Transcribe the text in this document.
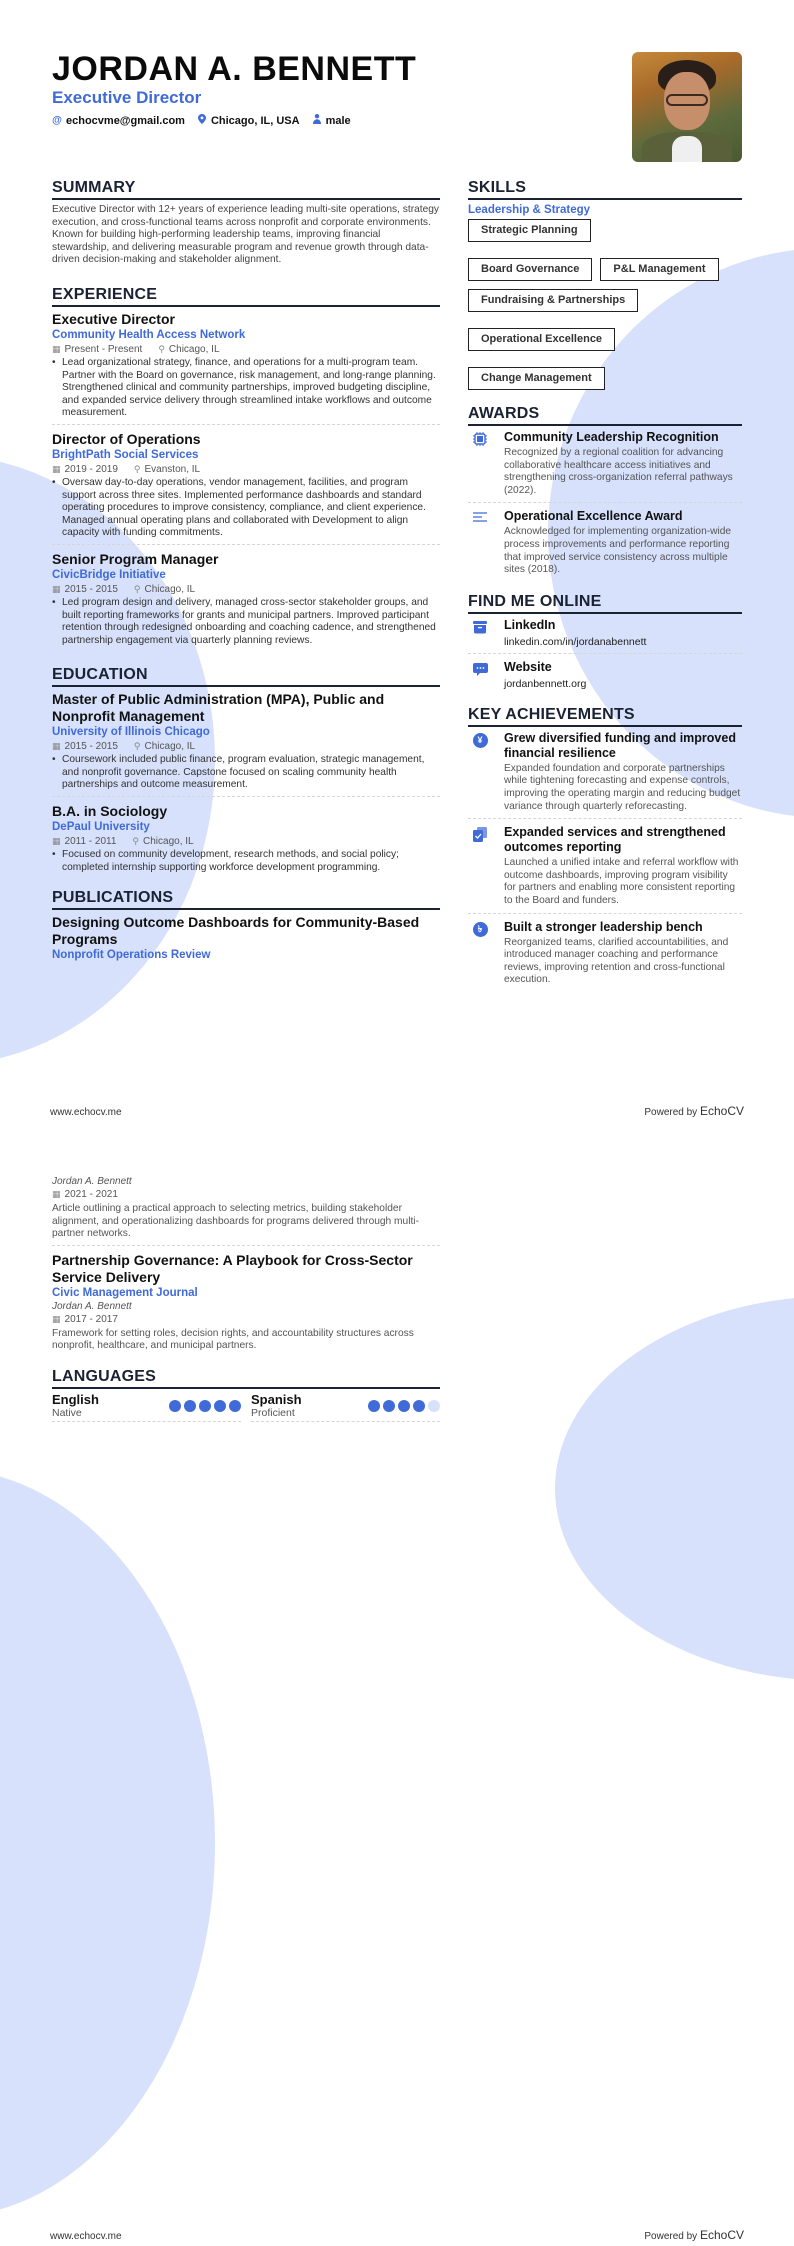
JORDAN A. BENNETT
Executive Director
@ echocvme@gmail.com Chicago, IL, USA male
SUMMARY

Executive Director with 12+ years of experience leading multi-site operations, strategy execution, and cross-functional teams across nonprofit and corporate environments. Known for building high-performing leadership teams, improving financial stewardship, and delivering measurable program and revenue growth through data-driven decision-making and stakeholder alignment.

EXPERIENCE
Executive Director
Community Health Access Network
▦ Present - Present ⚲ Chicago, IL
• Lead organizational strategy, finance, and operations for a multi-program team. Partner with the Board on governance, risk management, and long-range planning. Strengthened clinical and community partnerships, improved budgeting discipline, and expanded service delivery through streamlined intake workflows and outcome measurement.
Director of Operations
BrightPath Social Services
▦ 2019 - 2019 ⚲ Evanston, IL
• Oversaw day-to-day operations, vendor management, facilities, and program support across three sites. Implemented performance dashboards and standard operating procedures to improve consistency, compliance, and client experience. Managed annual operating plans and collaborated with Development to align capacity with funding commitments.
Senior Program Manager
CivicBridge Initiative
▦ 2015 - 2015 ⚲ Chicago, IL
• Led program design and delivery, managed cross-sector stakeholder groups, and built reporting frameworks for grants and municipal partners. Improved participant retention through redesigned onboarding and coaching cadence, and strengthened partnership engagement via quarterly planning reviews.
EDUCATION
Master of Public Administration (MPA), Public and Nonprofit Management
University of Illinois Chicago
▦ 2015 - 2015 ⚲ Chicago, IL
• Coursework included public finance, program evaluation, strategic management, and nonprofit governance. Capstone focused on scaling community health partnerships and outcome measurement.
B.A. in Sociology
DePaul University
▦ 2011 - 2011 ⚲ Chicago, IL
• Focused on community development, research methods, and social policy; completed internship supporting workforce development programming.
PUBLICATIONS
Designing Outcome Dashboards for Community-Based Programs
Nonprofit Operations Review
SKILLS
Leadership & Strategy
Strategic Planning
Board Governance	P&L Management
Fundraising & Partnerships
Operational Excellence
Change Management
AWARDS
Community Leadership Recognition
Recognized by a regional coalition for advancing collaborative healthcare access initiatives and strengthening cross-organization referral pathways (2022).
Operational Excellence Award
Acknowledged for implementing organization-wide process improvements and performance reporting that improved service consistency across multiple sites (2018).
FIND ME ONLINE
LinkedIn
linkedin.com/in/jordanabennett
Website
jordanbennett.org
KEY ACHIEVEMENTS
¥	Grew diversified funding and improved financial resilience
Expanded foundation and corporate partnerships while tightening forecasting and expense controls, improving the operating margin and reducing budget variance through quarterly reforecasting.
Expanded services and strengthened outcomes reporting
Launched a unified intake and referral workflow with outcome dashboards, improving program visibility for partners and enabling more consistent reporting to the Board and funders.
৳	Built a stronger leadership bench
Reorganized teams, clarified accountabilities, and introduced manager coaching and performance reviews, improving retention and cross-functional execution.
www.echocv.me	Powered by EchoCV
Jordan A. Bennett
▦ 2021 - 2021

Article outlining a practical approach to selecting metrics, building stakeholder alignment, and operationalizing dashboards for programs delivered through multi-partner networks.

Partnership Governance: A Playbook for Cross-Sector Service Delivery
Civic Management Journal
Jordan A. Bennett
▦ 2017 - 2017

Framework for setting roles, decision rights, and accountability structures across nonprofit, healthcare, and municipal partners.

LANGUAGES
English
Native
Spanish
Proficient
www.echocv.me	Powered by EchoCV
